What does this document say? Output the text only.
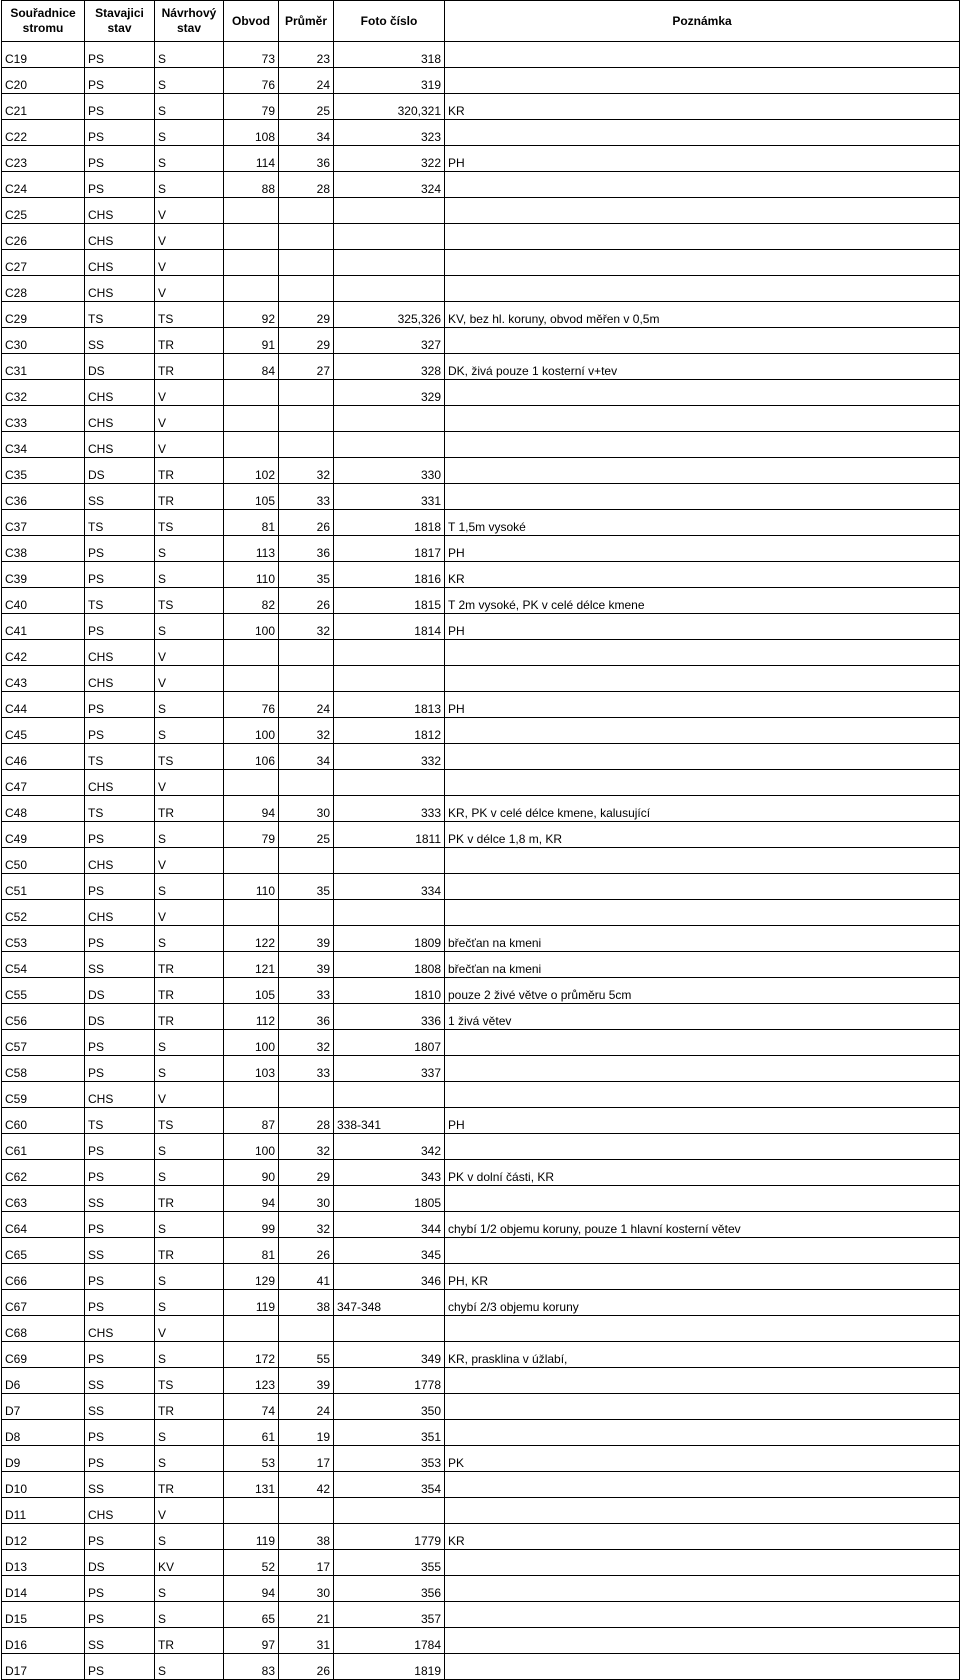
Souřadnice stromu	Stavajici stav	Návrhový stav	Obvod	Průměr	Foto číslo	Poznámka
C19	PS	S	73	23	318	
C20	PS	S	76	24	319	
C21	PS	S	79	25	320,321	KR
C22	PS	S	108	34	323	
C23	PS	S	114	36	322	PH
C24	PS	S	88	28	324	
C25	CHS	V				
C26	CHS	V				
C27	CHS	V				
C28	CHS	V				
C29	TS	TS	92	29	325,326	KV, bez hl. koruny, obvod měřen v 0,5m
C30	SS	TR	91	29	327	
C31	DS	TR	84	27	328	DK, živá pouze 1 kosterní v+tev
C32	CHS	V			329	
C33	CHS	V				
C34	CHS	V				
C35	DS	TR	102	32	330	
C36	SS	TR	105	33	331	
C37	TS	TS	81	26	1818	T 1,5m vysoké
C38	PS	S	113	36	1817	PH
C39	PS	S	110	35	1816	KR
C40	TS	TS	82	26	1815	T 2m vysoké, PK v celé délce kmene
C41	PS	S	100	32	1814	PH
C42	CHS	V				
C43	CHS	V				
C44	PS	S	76	24	1813	PH
C45	PS	S	100	32	1812	
C46	TS	TS	106	34	332	
C47	CHS	V				
C48	TS	TR	94	30	333	KR, PK v celé délce kmene, kalusující
C49	PS	S	79	25	1811	PK v délce 1,8 m, KR
C50	CHS	V				
C51	PS	S	110	35	334	
C52	CHS	V				
C53	PS	S	122	39	1809	břečťan na kmeni
C54	SS	TR	121	39	1808	břečťan na kmeni
C55	DS	TR	105	33	1810	pouze 2 živé větve o průměru 5cm
C56	DS	TR	112	36	336	1 živá větev
C57	PS	S	100	32	1807	
C58	PS	S	103	33	337	
C59	CHS	V				
C60	TS	TS	87	28	338-341	PH
C61	PS	S	100	32	342	
C62	PS	S	90	29	343	PK v dolní části, KR
C63	SS	TR	94	30	1805	
C64	PS	S	99	32	344	chybí 1/2 objemu koruny, pouze 1 hlavní kosterní větev
C65	SS	TR	81	26	345	
C66	PS	S	129	41	346	PH, KR
C67	PS	S	119	38	347-348	chybí 2/3 objemu koruny
C68	CHS	V				
C69	PS	S	172	55	349	KR, prasklina v úžlabí,
D6	SS	TS	123	39	1778	
D7	SS	TR	74	24	350	
D8	PS	S	61	19	351	
D9	PS	S	53	17	353	PK
D10	SS	TR	131	42	354	
D11	CHS	V				
D12	PS	S	119	38	1779	KR
D13	DS	KV	52	17	355	
D14	PS	S	94	30	356	
D15	PS	S	65	21	357	
D16	SS	TR	97	31	1784	
D17	PS	S	83	26	1819	
